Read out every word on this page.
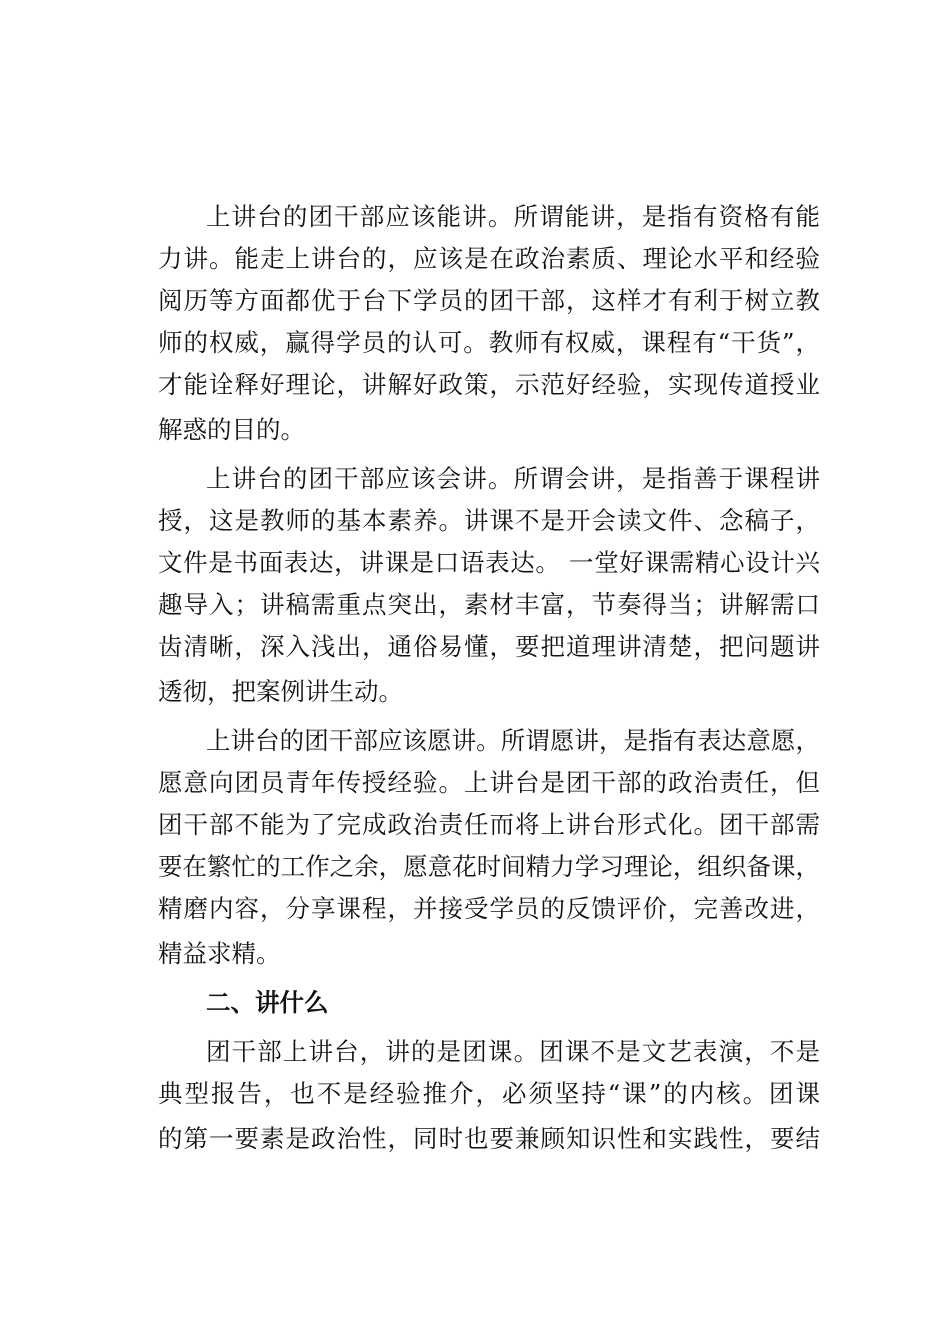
上讲台的团干部应该能讲。所谓能讲，是指有资格有能
力讲。能走上讲台的，应该是在政治素质、理论水平和经验
阅历等方面都优于台下学员的团干部，这样才有利于树立教
师的权威，赢得学员的认可。教师有权威，课程有“干货”，
才能诠释好理论，讲解好政策，示范好经验，实现传道授业
解惑的目的。
上讲台的团干部应该会讲。所谓会讲，是指善于课程讲
授，这是教师的基本素养。讲课不是开会读文件、念稿子，
文件是书面表达，讲课是口语表达。 一堂好课需精心设计兴
趣导入；讲稿需重点突出，素材丰富，节奏得当；讲解需口
齿清晰，深入浅出，通俗易懂，要把道理讲清楚，把问题讲
透彻，把案例讲生动。
上讲台的团干部应该愿讲。所谓愿讲，是指有表达意愿，
愿意向团员青年传授经验。上讲台是团干部的政治责任，但
团干部不能为了完成政治责任而将上讲台形式化。团干部需
要在繁忙的工作之余，愿意花时间精力学习理论，组织备课，
精磨内容，分享课程，并接受学员的反馈评价，完善改进，
精益求精。
二、讲什么
团干部上讲台，讲的是团课。团课不是文艺表演，不是
典型报告，也不是经验推介，必须坚持“课”的内核。团课
的第一要素是政治性，同时也要兼顾知识性和实践性，要结
